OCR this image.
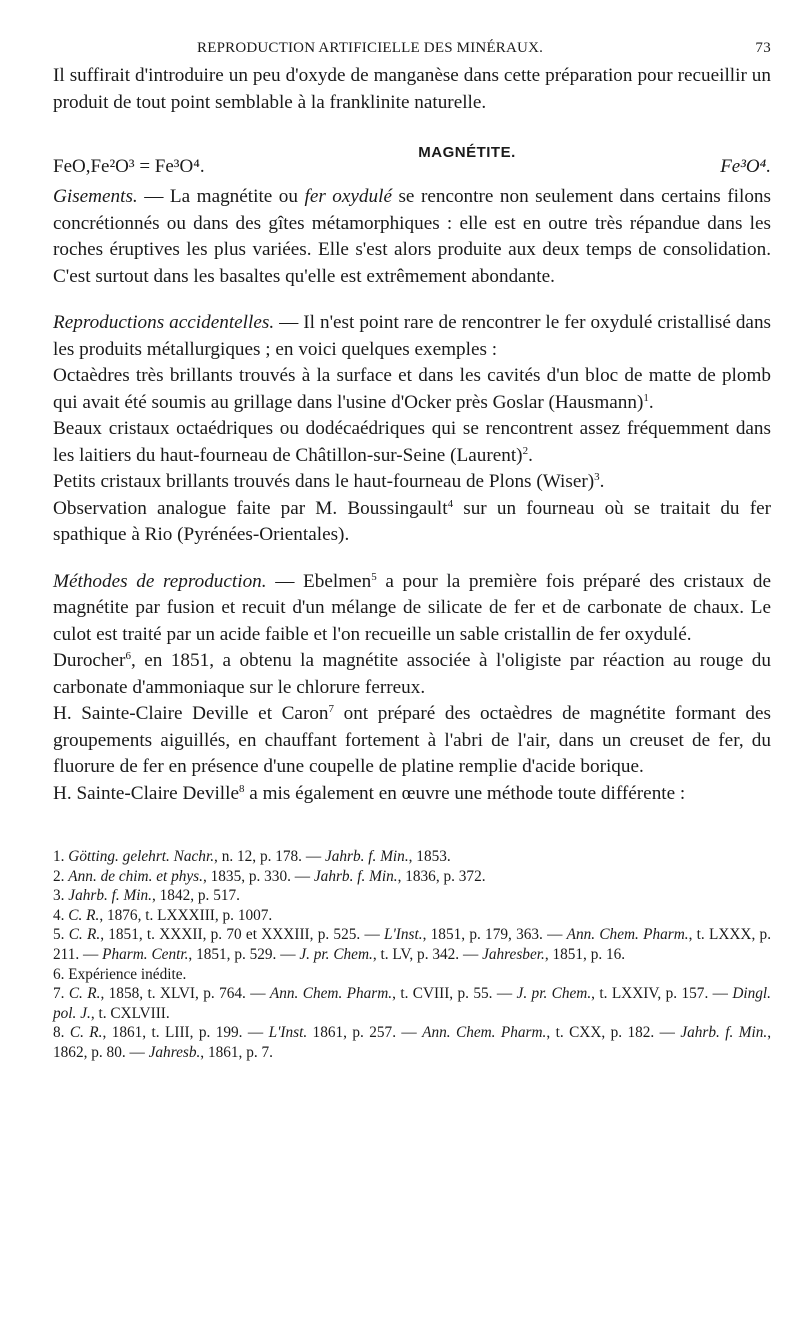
REPRODUCTION ARTIFICIELLE DES MINÉRAUX.	73

Il suffirait d'introduire un peu d'oxyde de manganèse dans cette préparation pour recueillir un produit de tout point semblable à la franklinite naturelle.

MAGNÉTITE.
FeO,Fe²O³ = Fe³O⁴.	Fe³O⁴.

Gisements. — La magnétite ou fer oxydulé se rencontre non seulement dans certains filons concrétionnés ou dans des gîtes métamorphiques : elle est en outre très répandue dans les roches éruptives les plus variées. Elle s'est alors produite aux deux temps de consolidation. C'est surtout dans les basaltes qu'elle est extrêmement abondante.

Reproductions accidentelles. — Il n'est point rare de rencontrer le fer oxydulé cristallisé dans les produits métallurgiques ; en voici quelques exemples :

Octaèdres très brillants trouvés à la surface et dans les cavités d'un bloc de matte de plomb qui avait été soumis au grillage dans l'usine d'Ocker près Goslar (Hausmann)$^1$.

Beaux cristaux octaédriques ou dodécaédriques qui se rencontrent assez fréquemment dans les laitiers du haut-fourneau de Châtillon-sur-Seine (Laurent)$^2$.

Petits cristaux brillants trouvés dans le haut-fourneau de Plons (Wiser)$^3$.

Observation analogue faite par M. Boussingault$^4$ sur un fourneau où se traitait du fer spathique à Rio (Pyrénées-Orientales).

Méthodes de reproduction. — Ebelmen$^5$ a pour la première fois préparé des cristaux de magnétite par fusion et recuit d'un mélange de silicate de fer et de carbonate de chaux. Le culot est traité par un acide faible et l'on recueille un sable cristallin de fer oxydulé.

Durocher$^6$, en 1851, a obtenu la magnétite associée à l'oligiste par réaction au rouge du carbonate d'ammoniaque sur le chlorure ferreux.

H. Sainte-Claire Deville et Caron$^7$ ont préparé des octaèdres de magnétite formant des groupements aiguillés, en chauffant fortement à l'abri de l'air, dans un creuset de fer, du fluorure de fer en présence d'une coupelle de platine remplie d'acide borique.

H. Sainte-Claire Deville$^8$ a mis également en œuvre une méthode toute différente :

1. Götting. gelehrt. Nachr., n. 12, p. 178. — Jahrb. f. Min., 1853.

2. Ann. de chim. et phys., 1835, p. 330. — Jahrb. f. Min., 1836, p. 372.

3. Jahrb. f. Min., 1842, p. 517.

4. C. R., 1876, t. LXXXIII, p. 1007.

5. C. R., 1851, t. XXXII, p. 70 et XXXIII, p. 525. — L'Inst., 1851, p. 179, 363. — Ann. Chem. Pharm., t. LXXX, p. 211. — Pharm. Centr., 1851, p. 529. — J. pr. Chem., t. LV, p. 342. — Jahresber., 1851, p. 16.

6. Expérience inédite.

7. C. R., 1858, t. XLVI, p. 764. — Ann. Chem. Pharm., t. CVIII, p. 55. — J. pr. Chem., t. LXXIV, p. 157. — Dingl. pol. J., t. CXLVIII.

8. C. R., 1861, t. LIII, p. 199. — L'Inst. 1861, p. 257. — Ann. Chem. Pharm., t. CXX, p. 182. — Jahrb. f. Min., 1862, p. 80. — Jahresb., 1861, p. 7.
